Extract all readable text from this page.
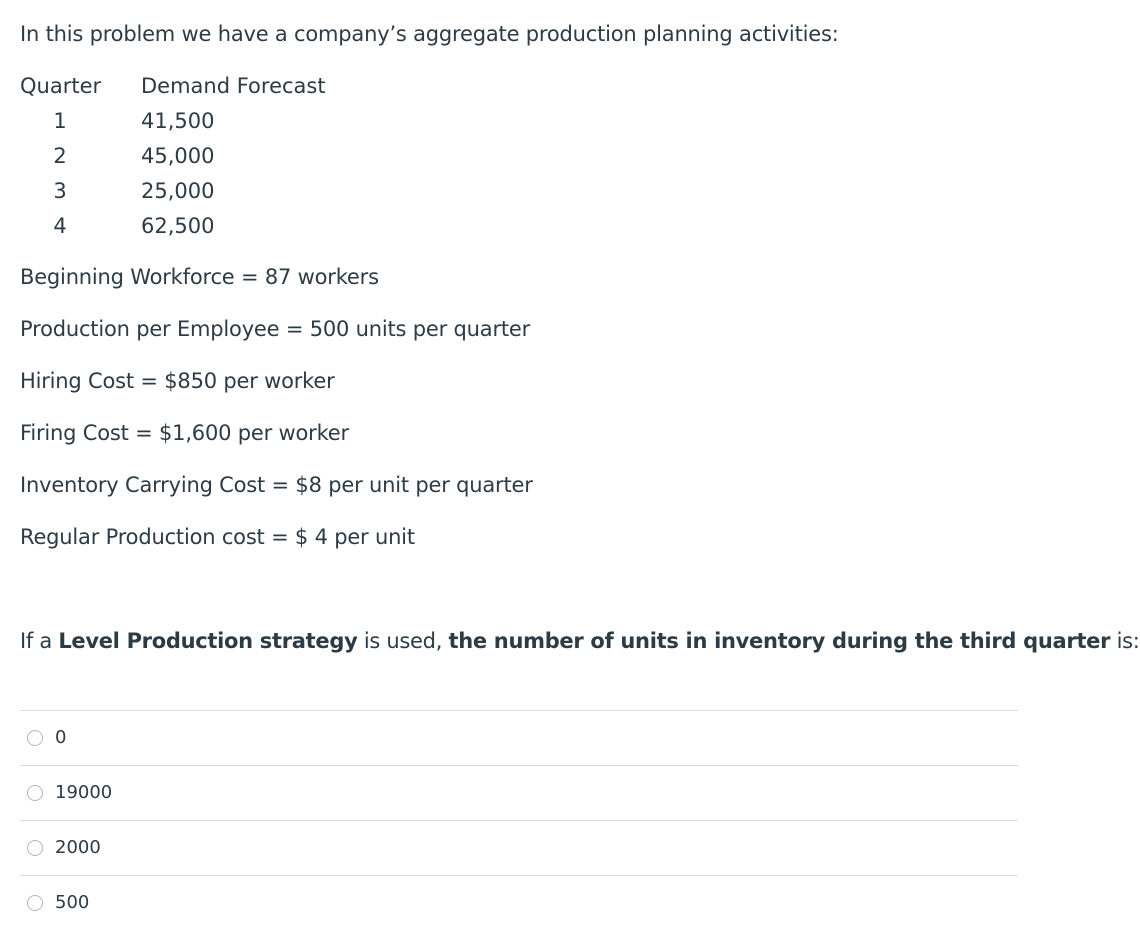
In this problem we have a company’s aggregate production planning activities:
Quarter Demand Forecast
1	41,500
2	45,000
3	25,000
4	62,500
Beginning Workforce = 87 workers
Production per Employee = 500 units per quarter
Hiring Cost = $850 per worker
Firing Cost = $1,600 per worker
Inventory Carrying Cost = $8 per unit per quarter
Regular Production cost = $ 4 per unit
If a Level Production strategy is used, the number of units in inventory during the third quarter is:
0
19000
2000
500
